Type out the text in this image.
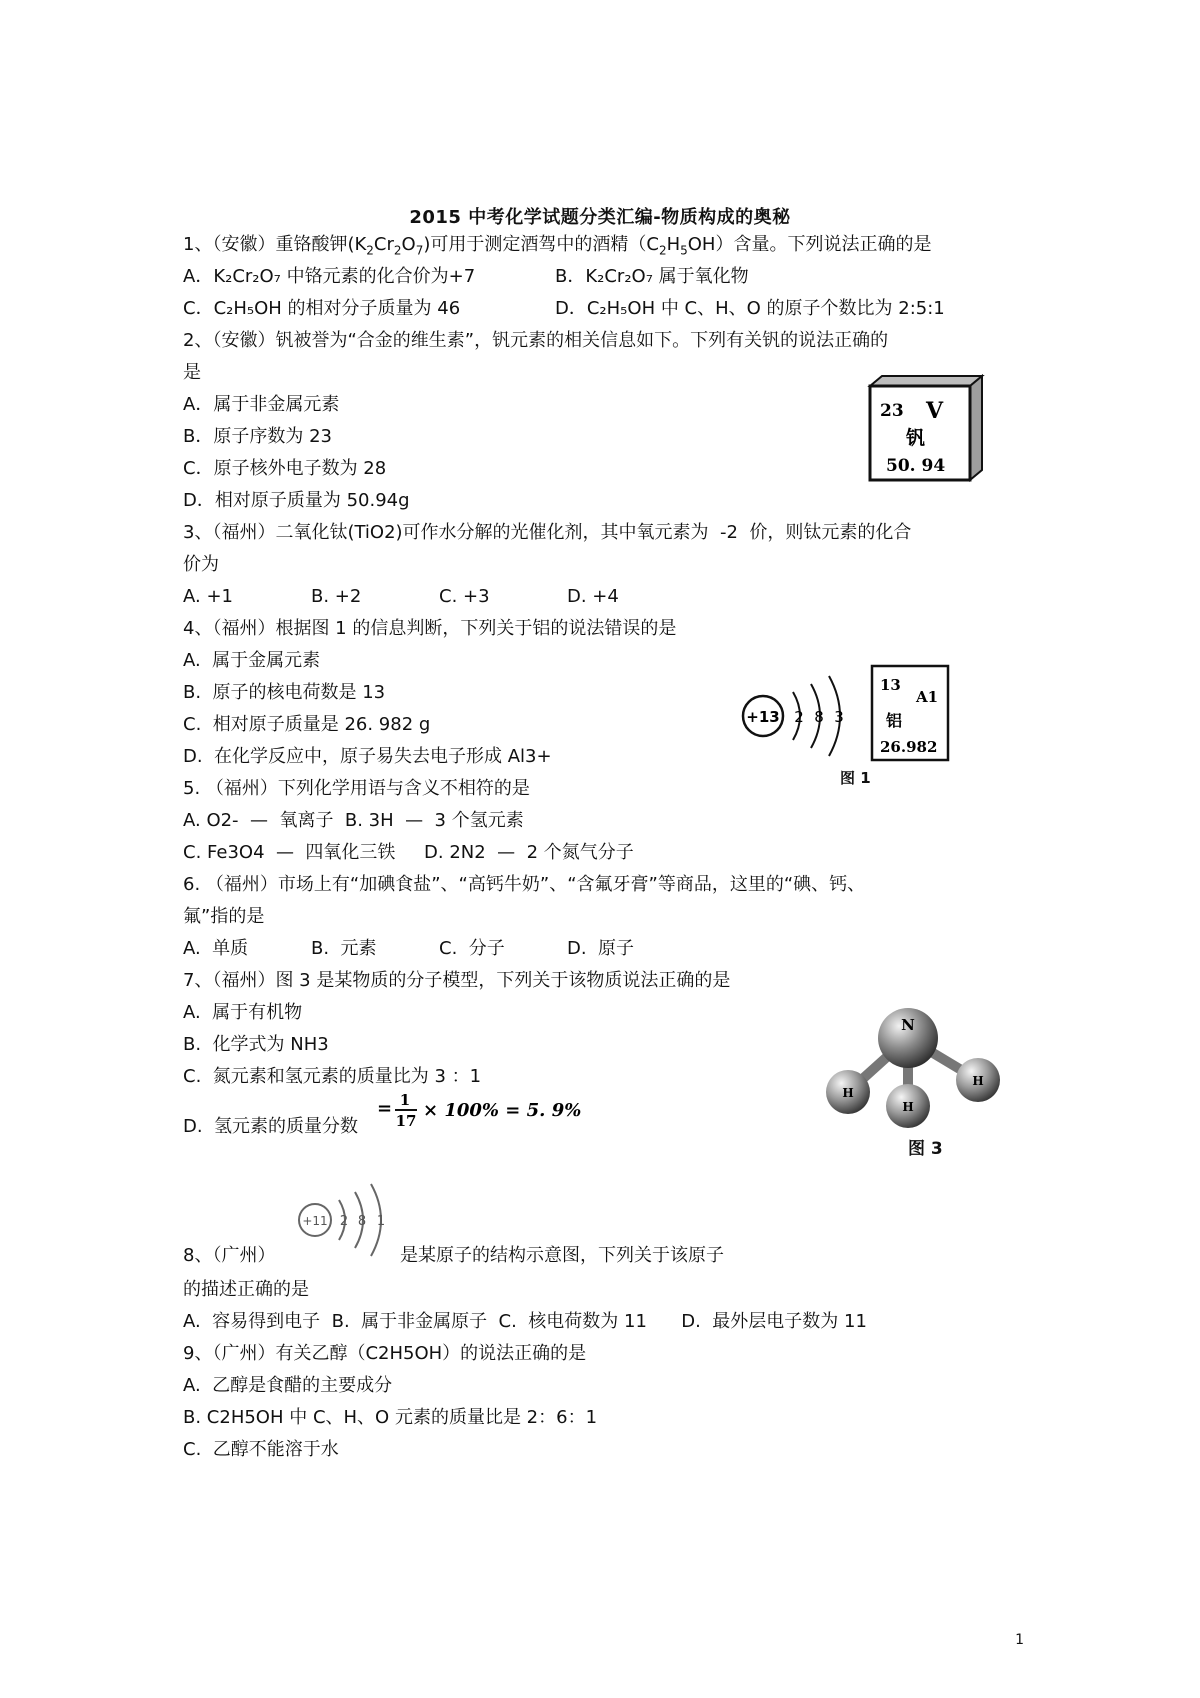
2015 中考化学试题分类汇编-物质构成的奥秘
1、（安徽）重铬酸钾$(K_2Cr_2O_7)$可用于测定酒驾中的酒精$(C_2H_5OH)$含量。下列说法正确的是
A．K₂Cr₂O₇ 中铬元素的化合价为+7	B．K₂Cr₂O₇ 属于氧化物
C．C₂H₅OH 的相对分子质量为 46	D．C₂H₅OH 中 C、H、O 的原子个数比为 2:5:1
2、（安徽）钒被誉为“合金的维生素”，钒元素的相关信息如下。下列有关钒的说法正确的
是
A．属于非金属元素
B．原子序数为 23
C．原子核外电子数为 28
D．相对原子质量为 50.94g
23 V
钒
50. 94
3、（福州）二氧化钛(TiO2)可作水分解的光催化剂，其中氧元素为  -2  价，则钛元素的化合
价为
A. +1	B. +2	C. +3	D. +4
4、（福州）根据图 1 的信息判断，下列关于铝的说法错误的是
A.  属于金属元素
B.  原子的核电荷数是 13
C.  相对原子质量是 26. 982 g
D.  在化学反应中，原子易失去电子形成 Al3+
+13 2 8 3
13
A1
铝
26.982
图 1
5. （福州）下列化学用语与含义不相符的是
A. O2-  —  氧离子  B. 3H  —  3 个氢元素
C. Fe3O4  —  四氧化三铁     D. 2N2  —  2 个氮气分子
6. （福州）市场上有“加碘食盐”、“高钙牛奶”、“含氟牙膏”等商品，这里的“碘、钙、
氟”指的是
A.  单质	B.  元素	C.  分子	D.  原子
7、（福州）图 3 是某物质的分子模型，下列关于该物质说法正确的是
A.  属于有机物
B.  化学式为 NH3
C.  氮元素和氢元素的质量比为 3 ：1
D.  氢元素的质量分数
= 1
17 × 100% = 5. 9%
N
H
H
H
图 3
+11 2 8 1
8、（广州）	是某原子的结构示意图，下列关于该原子
的描述正确的是
A.  容易得到电子  B.  属于非金属原子  C.  核电荷数为 11      D.  最外层电子数为 11
9、（广州）有关乙醇（C2H5OH）的说法正确的是
A.  乙醇是食醋的主要成分
B. C2H5OH 中 C、H、O 元素的质量比是 2：6：1
C.  乙醇不能溶于水
1
